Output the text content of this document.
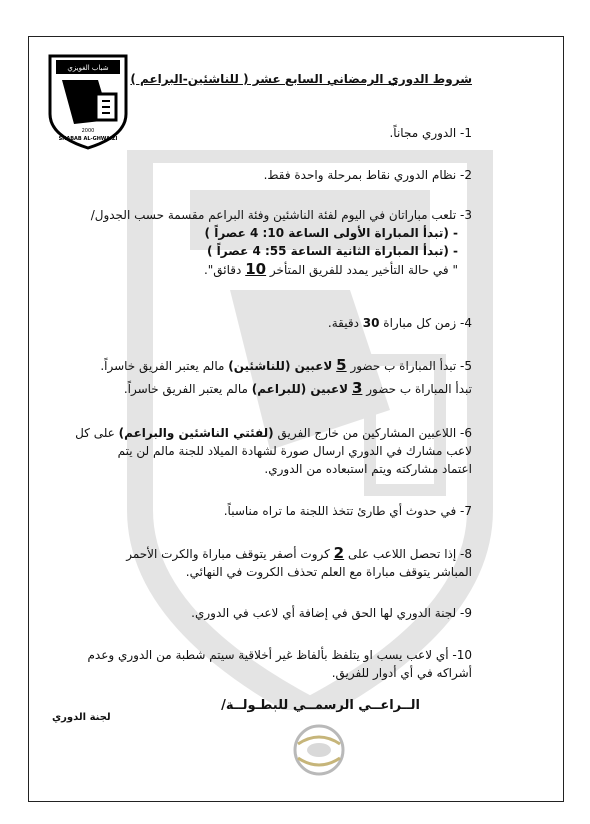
2000
SHABAB AL-GHWAIZI
شباب الغويزي
شروط الدوري الرمضاني السابع عشر ( للناشئين-البراعم )
1- الدوري مجاناً.
2- نظام الدوري نقاط بمرحلة واحدة فقط.
3- تلعب مباراتان في اليوم لفئة الناشئين وفئة البراعم مقسمة حسب الجدول/
- (تبدأ المباراة الأولى الساعة 10: 4 عصراً )
- (تبدأ المباراة الثانية الساعة 55: 4 عصراً )
" في حالة التأخير يمدد للفريق المتأخر 10 دقائق".
4- زمن كل مباراة 30 دقيقة.
5- تبدأ المباراة ب حضور 5 لاعبين (للناشئين) مالم يعتبر الفريق خاسراً.
تبدأ المباراة ب حضور 3 لاعبين (للبراعم) مالم يعتبر الفريق خاسراً.
6- اللاعبين المشاركين من خارج الفريق (لفئتي الناشئين والبراعم) على كل
لاعب مشارك في الدوري ارسال صورة لشهادة الميلاد للجنة مالم لن يتم
اعتماد مشاركته ويتم استبعاده من الدوري.
7- في حدوث أي طارئ تتخذ اللجنة ما تراه مناسباً.
8- إذا تحصل اللاعب على 2 كروت أصفر يتوقف مباراة والكرت الأحمر
المباشر يتوقف مباراة مع العلم تحذف الكروت في النهائي.
9- لجنة الدوري لها الحق في إضافة أي لاعب في الدوري.
10- أي لاعب يسب او يتلفظ بألفاظ غير أخلاقية سيتم شطبة من الدوري وعدم
أشراكه في أي أدوار للفريق.
الــراعــي الرسمــي للبطـولــة/
لجنة الدوري
